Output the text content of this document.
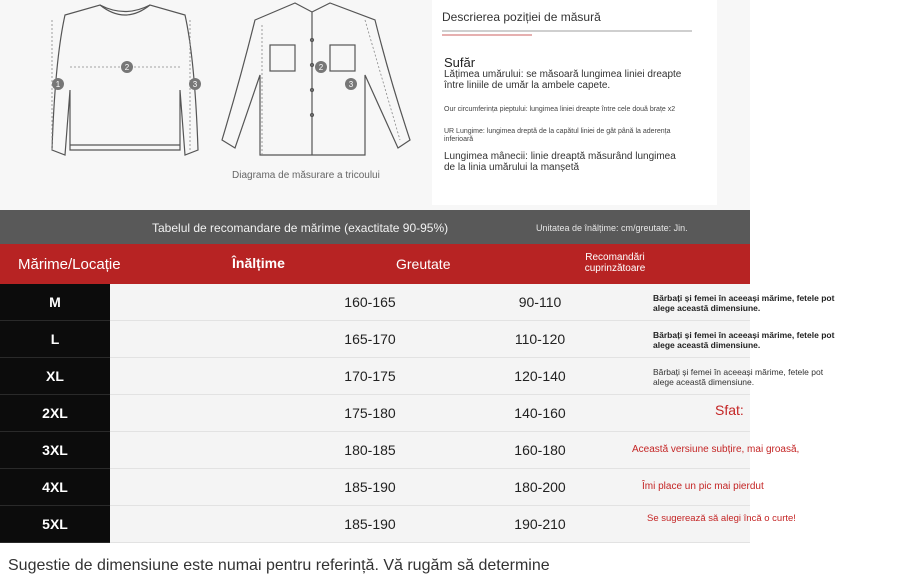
1
2
3
2
3
Diagrama de măsurare a tricoului
Descrierea poziției de măsură
Sufăr
Lățimea umărului: se măsoară lungimea liniei dreapte între liniile de umăr la ambele capete.
Our circumferința pieptului: lungimea liniei dreapte între cele două brațe x2
UR Lungime: lungimea dreptă de la capătul liniei de gât până la aderența inferioară
Lungimea mânecii: linie dreaptă măsurând lungimea de la linia umărului la manșetă
Tabelul de recomandare de mărime (exactitate 90-95%)	Unitatea de înălțime: cm/greutate: Jin.
Mărime/Locație	Înălțime	Greutate	Recomandări cuprinzătoare
M	160-165	90-110	Bărbați și femei în aceeași mărime, fetele pot alege această dimensiune.
L	165-170	110-120	Bărbați și femei în aceeași mărime, fetele pot alege această dimensiune.
XL	170-175	120-140	Bărbați și femei în aceeași mărime, fetele pot alege această dimensiune.
2XL	175-180	140-160	Sfat:
3XL	180-185	160-180	Această versiune subțire, mai groasă,
4XL	185-190	180-200	Îmi place un pic mai pierdut
5XL	185-190	190-210	Se sugerează să alegi încă o curte!
Sugestie de dimensiune este numai pentru referință. Vă rugăm să determine
